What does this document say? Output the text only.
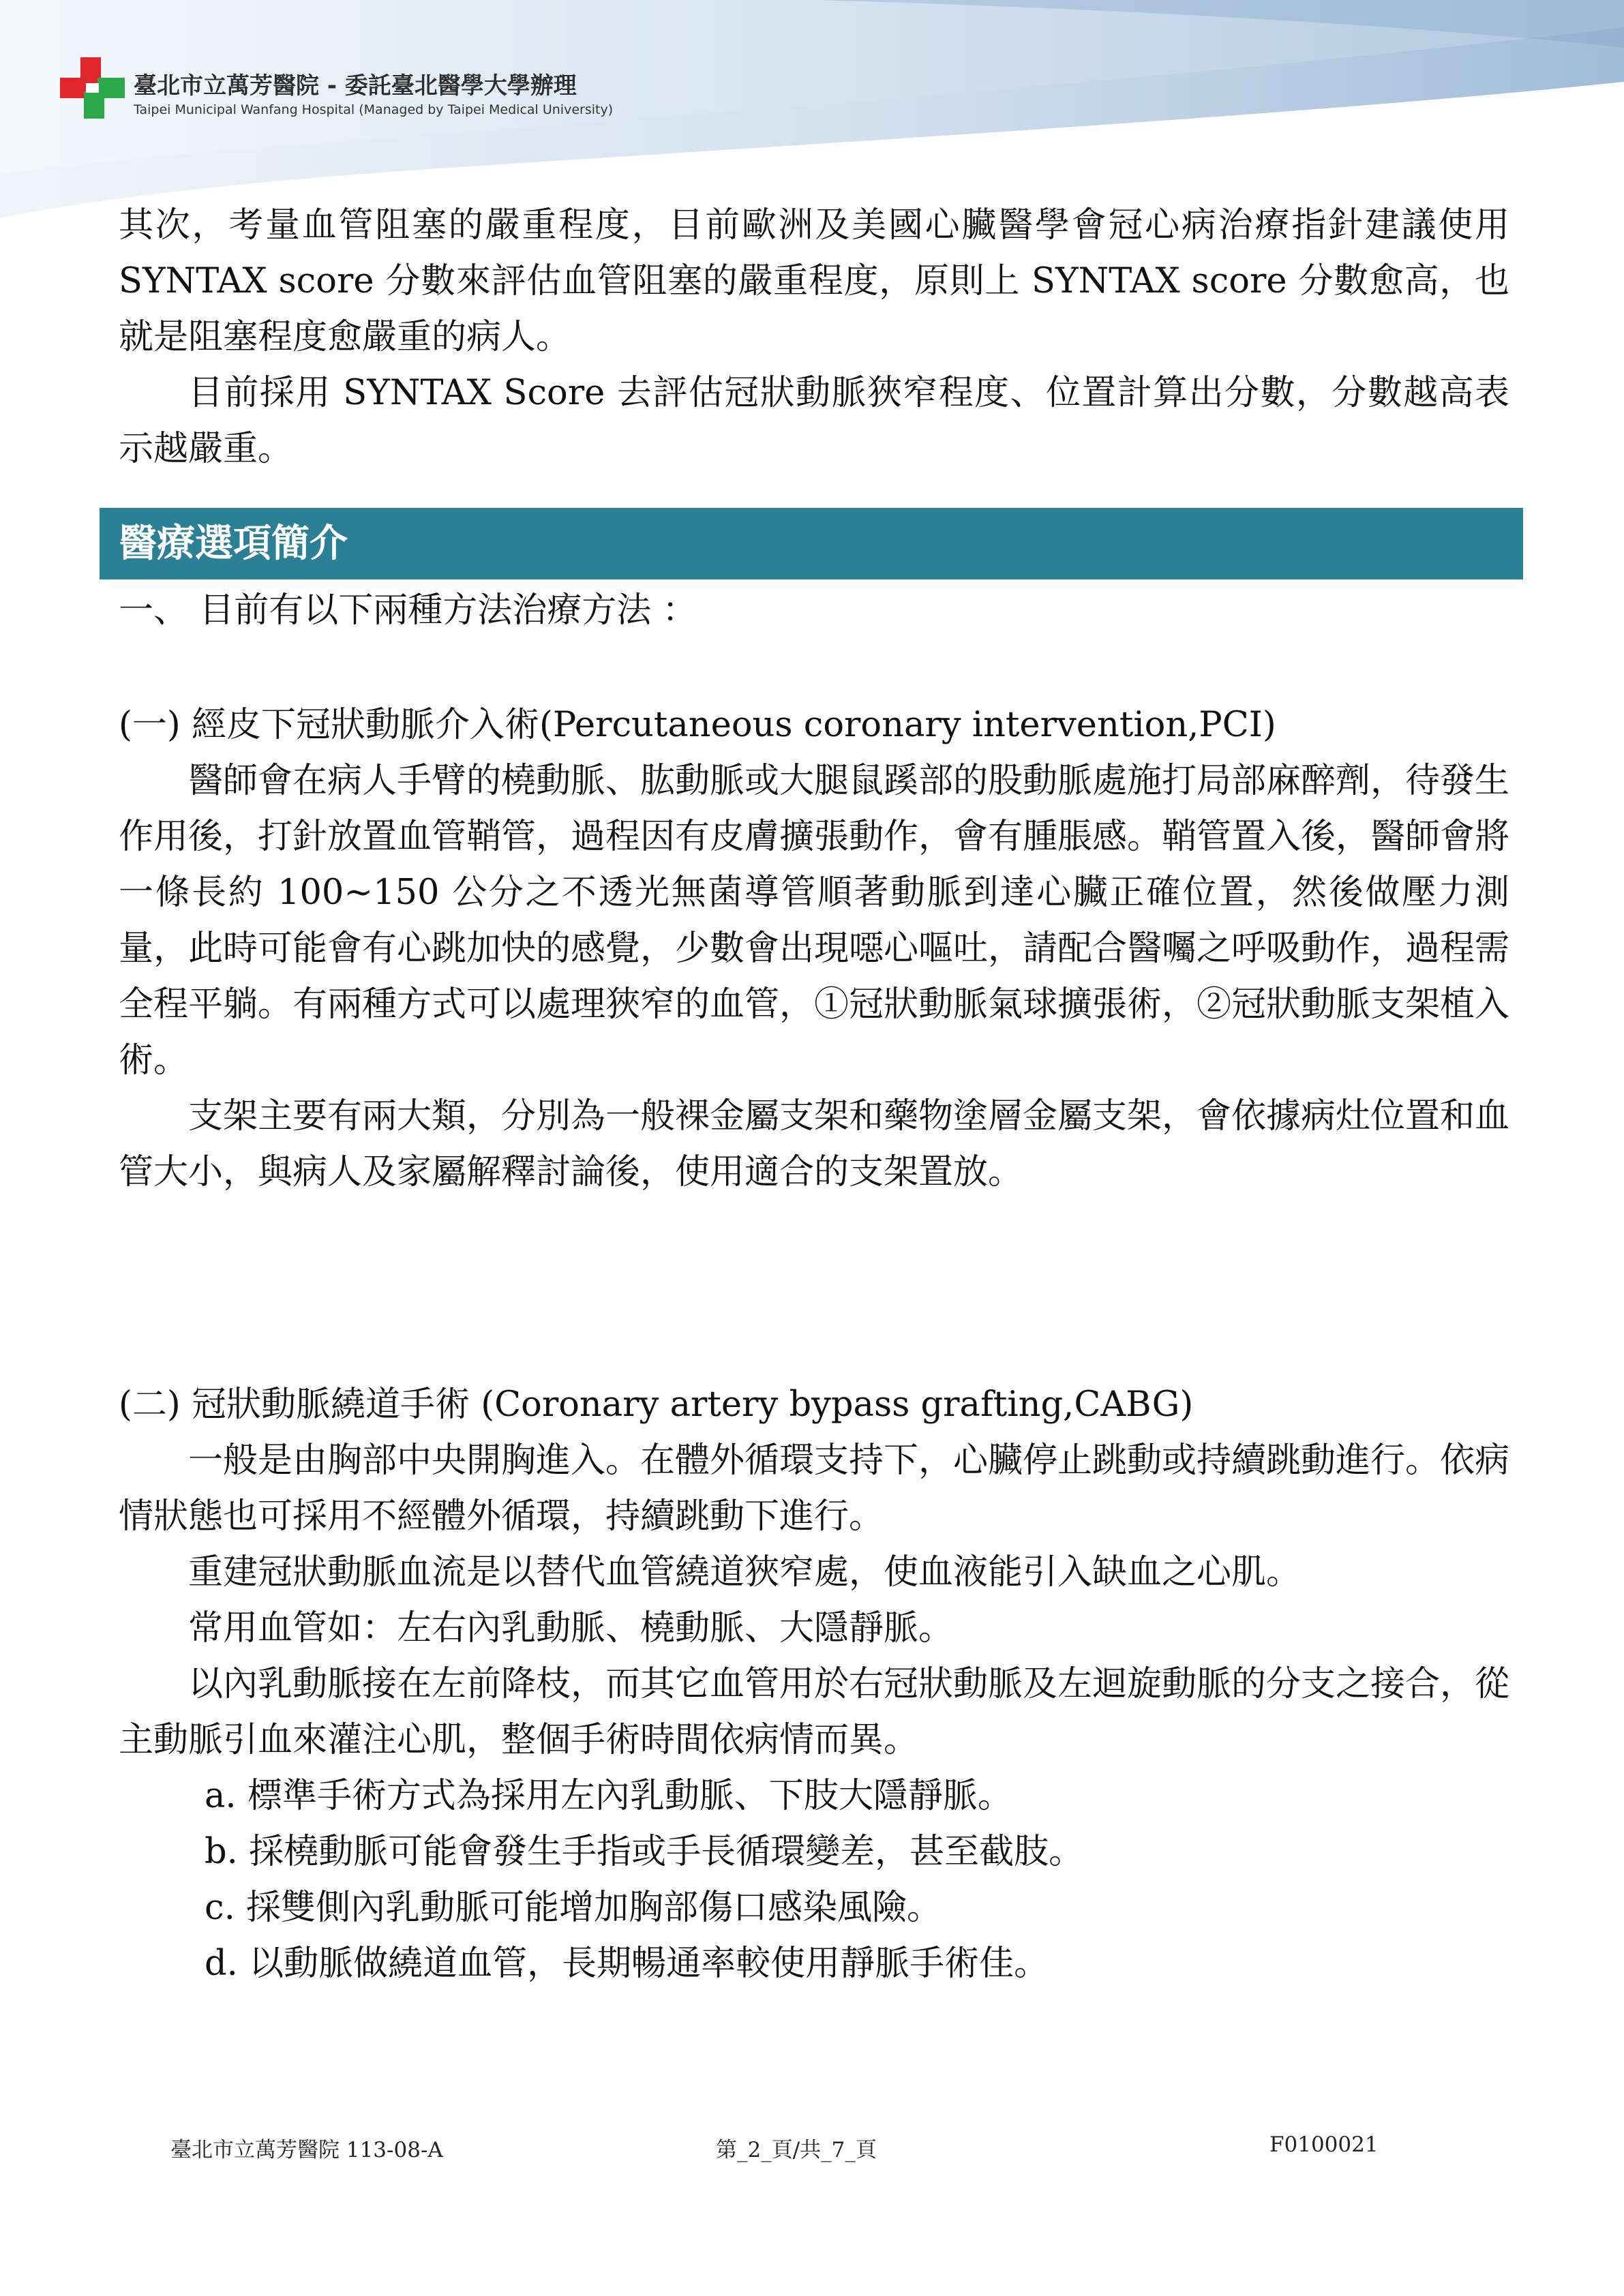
臺北市立萬芳醫院 - 委託臺北醫學大學辦理
Taipei Municipal Wanfang Hospital (Managed by Taipei Medical University)

其次，考量血管阻塞的嚴重程度，目前歐洲及美國心臟醫學會冠心病治療指針建議使用 SYNTAX score 分數來評估血管阻塞的嚴重程度，原則上 SYNTAX score 分數愈高，也就是阻塞程度愈嚴重的病人。

目前採用 SYNTAX Score 去評估冠狀動脈狹窄程度、位置計算出分數，分數越高表示越嚴重。

醫療選項簡介

一、 目前有以下兩種方法治療方法 ：

(一) 經皮下冠狀動脈介入術(Percutaneous coronary intervention,PCI)

醫師會在病人手臂的橈動脈、肱動脈或大腿鼠蹊部的股動脈處施打局部麻醉劑，待發生作用後，打針放置血管鞘管，過程因有皮膚擴張動作，會有腫脹感。鞘管置入後，醫師會將一條長約 100~150 公分之不透光無菌導管順著動脈到達心臟正確位置，然後做壓力測量，此時可能會有心跳加快的感覺，少數會出現噁心嘔吐，請配合醫囑之呼吸動作，過程需全程平躺。有兩種方式可以處理狹窄的血管，①冠狀動脈氣球擴張術，②冠狀動脈支架植入術。

支架主要有兩大類，分別為一般裸金屬支架和藥物塗層金屬支架，會依據病灶位置和血管大小，與病人及家屬解釋討論後，使用適合的支架置放。

(二) 冠狀動脈繞道手術 (Coronary artery bypass grafting,CABG)

一般是由胸部中央開胸進入。在體外循環支持下，心臟停止跳動或持續跳動進行。依病情狀態也可採用不經體外循環，持續跳動下進行。

重建冠狀動脈血流是以替代血管繞道狹窄處，使血液能引入缺血之心肌。

常用血管如：左右內乳動脈、橈動脈、大隱靜脈。

以內乳動脈接在左前降枝，而其它血管用於右冠狀動脈及左迴旋動脈的分支之接合，從主動脈引血來灌注心肌，整個手術時間依病情而異。

a. 標準手術方式為採用左內乳動脈、下肢大隱靜脈。

b. 採橈動脈可能會發生手指或手長循環變差，甚至截肢。

c. 採雙側內乳動脈可能增加胸部傷口感染風險。

d. 以動脈做繞道血管，長期暢通率較使用靜脈手術佳。

臺北市立萬芳醫院 113-08-A	第_2_頁/共_7_頁	F0100021
